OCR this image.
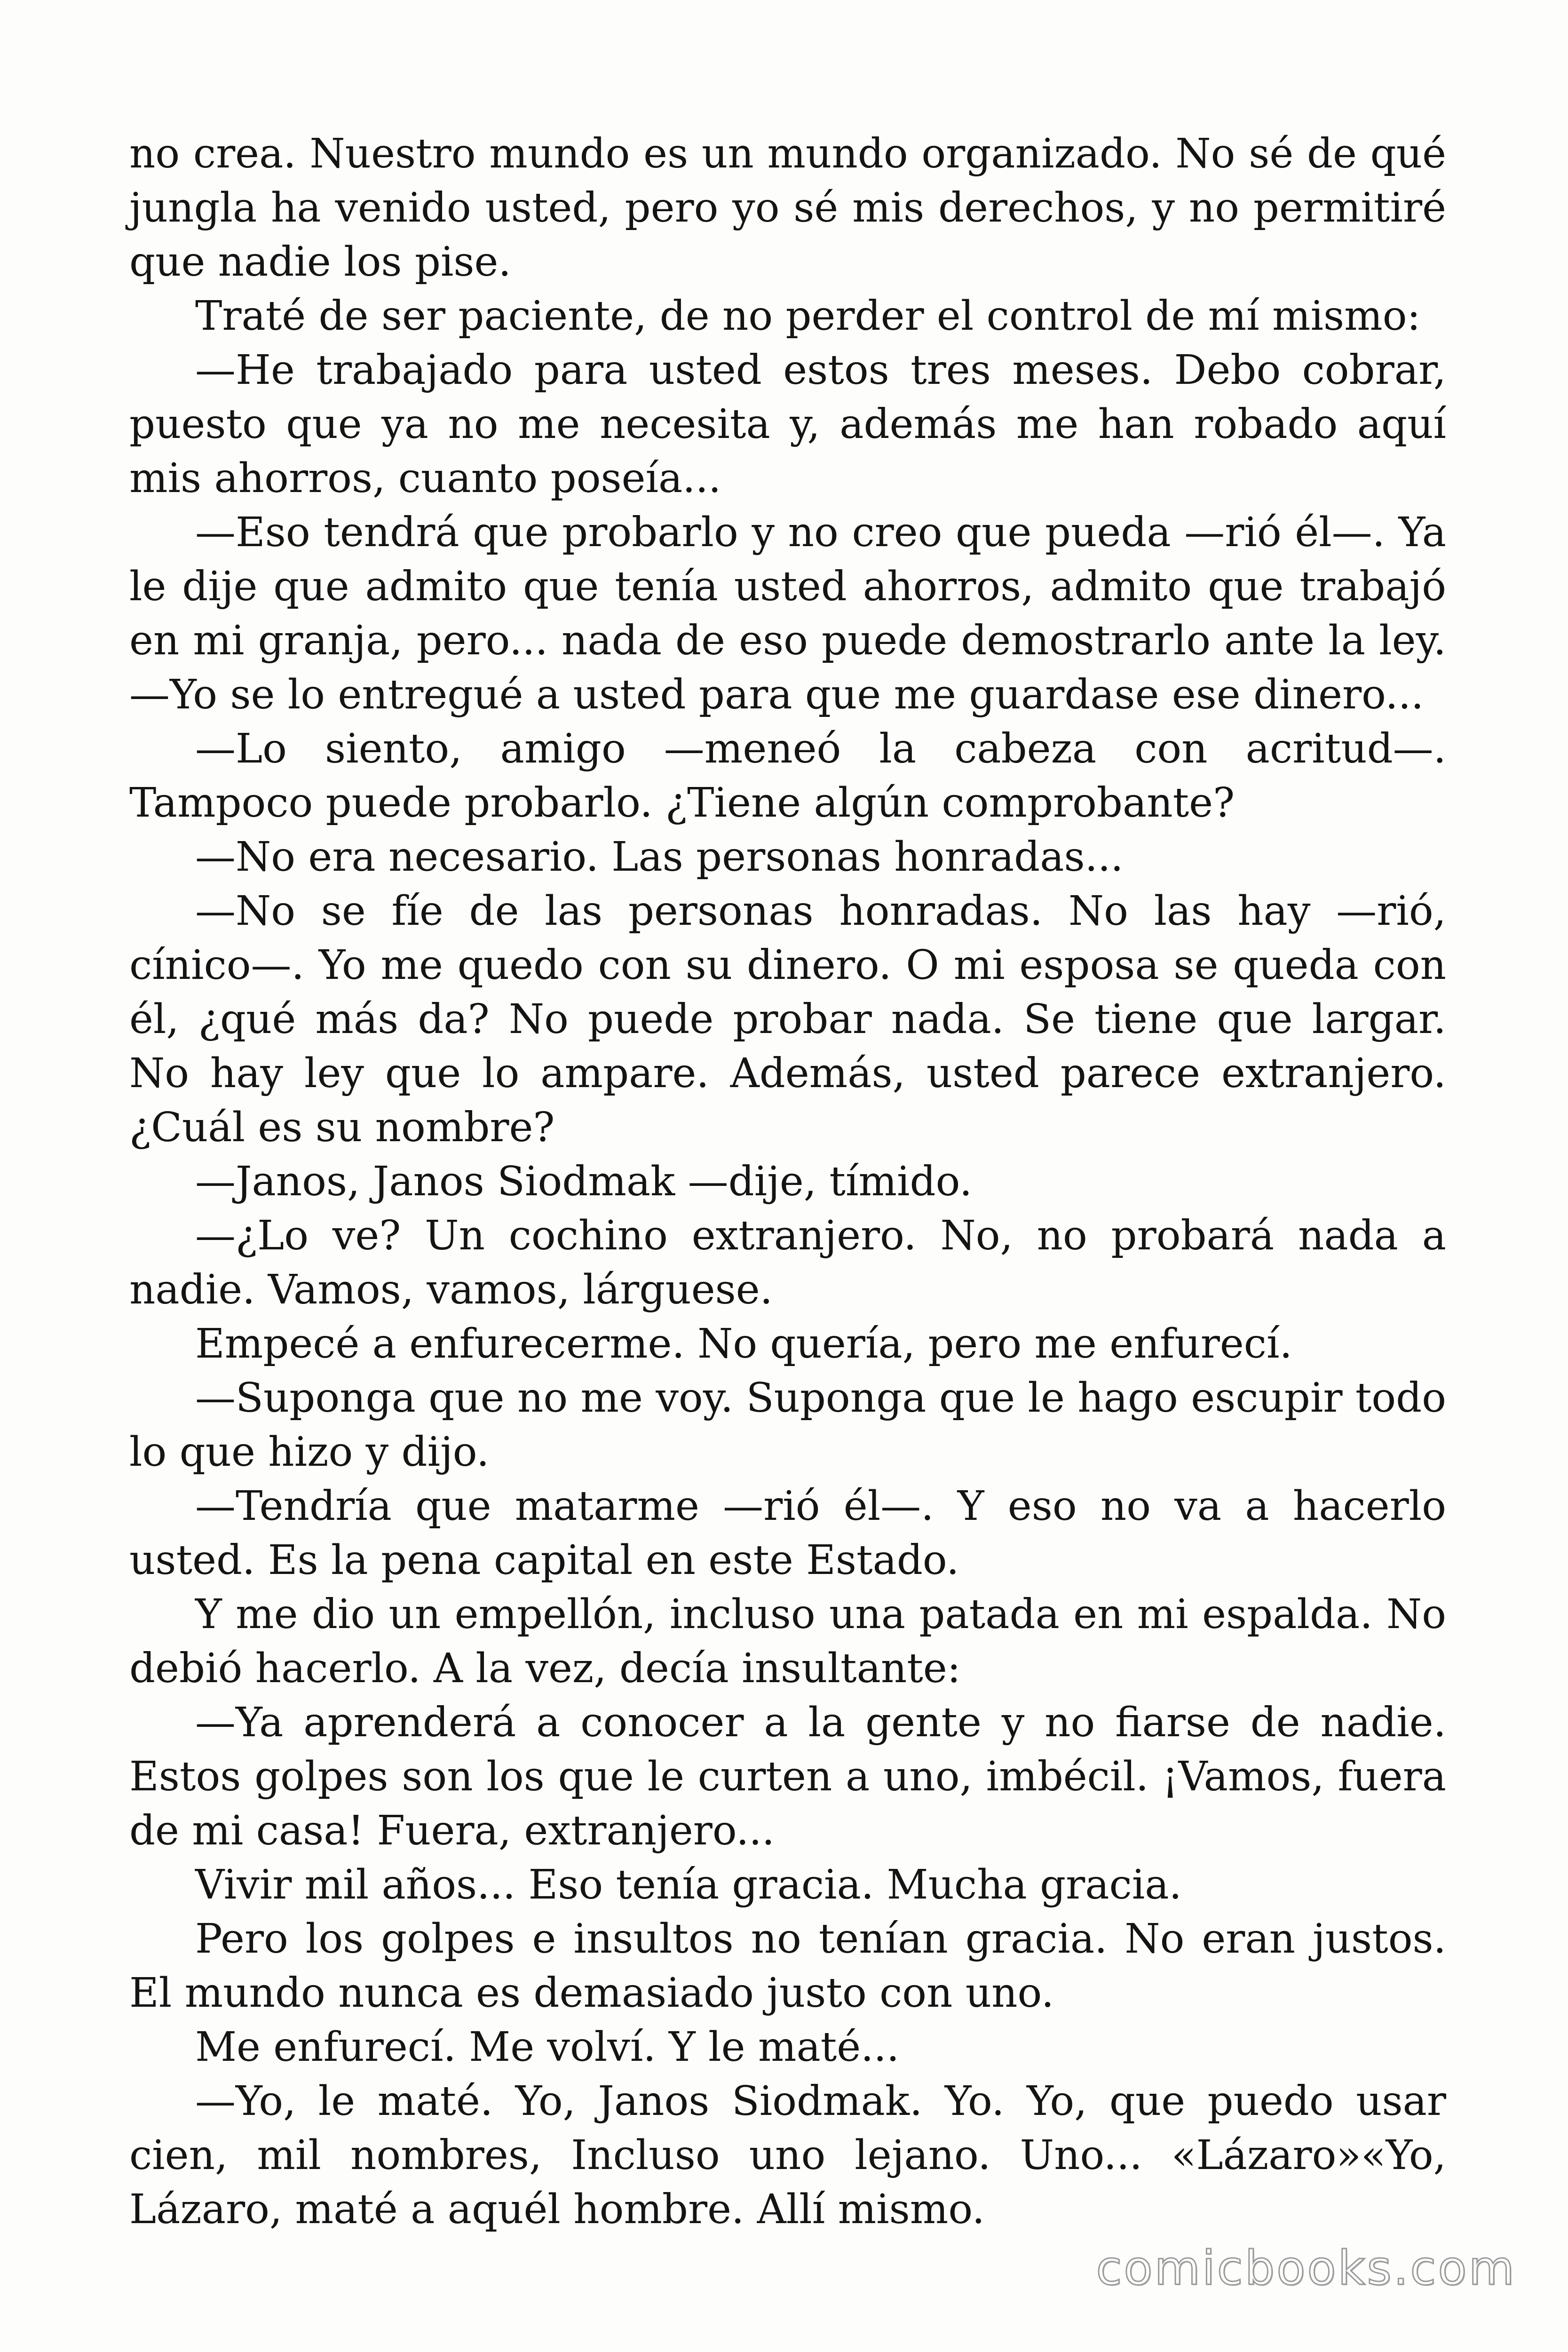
no crea. Nuestro mundo es un mundo organizado. No sé de qué jungla ha venido usted, pero yo sé mis derechos, y no permitiré que nadie los pise.

Traté de ser paciente, de no perder el control de mí mismo:

—He trabajado para usted estos tres meses. Debo cobrar, puesto que ya no me necesita y, además me han robado aquí mis ahorros, cuanto poseía...

—Eso tendrá que probarlo y no creo que pueda —rió él—. Ya le dije que admito que tenía usted ahorros, admito que trabajó en mi granja, pero... nada de eso puede demostrarlo ante la ley. —Yo se lo entregué a usted para que me guardase ese dinero...

—Lo siento, amigo —meneó la cabeza con acritud—. Tampoco puede probarlo. ¿Tiene algún comprobante?

—No era necesario. Las personas honradas...

—No se fíe de las personas honradas. No las hay —rió, cínico—. Yo me quedo con su dinero. O mi esposa se queda con él, ¿qué más da? No puede probar nada. Se tiene que largar. No hay ley que lo ampare. Además, usted parece extranjero. ¿Cuál es su nombre?

—Janos, Janos Siodmak —dije, tímido.

—¿Lo ve? Un cochino extranjero. No, no probará nada a nadie. Vamos, vamos, lárguese.

Empecé a enfurecerme. No quería, pero me enfurecí.

—Suponga que no me voy. Suponga que le hago escupir todo lo que hizo y dijo.

—Tendría que matarme —rió él—. Y eso no va a hacerlo usted. Es la pena capital en este Estado.

Y me dio un empellón, incluso una patada en mi espalda. No debió hacerlo. A la vez, decía insultante:

—Ya aprenderá a conocer a la gente y no fiarse de nadie. Estos golpes son los que le curten a uno, imbécil. ¡Vamos, fuera de mi casa! Fuera, extranjero...

Vivir mil años... Eso tenía gracia. Mucha gracia.

Pero los golpes e insultos no tenían gracia. No eran justos. El mundo nunca es demasiado justo con uno.

Me enfurecí. Me volví. Y le maté...

—Yo, le maté. Yo, Janos Siodmak. Yo. Yo, que puedo usar cien, mil nombres, Incluso uno lejano. Uno... «Lázaro»«Yo, Lázaro, maté a aquél hombre. Allí mismo.

comicbooks.com
